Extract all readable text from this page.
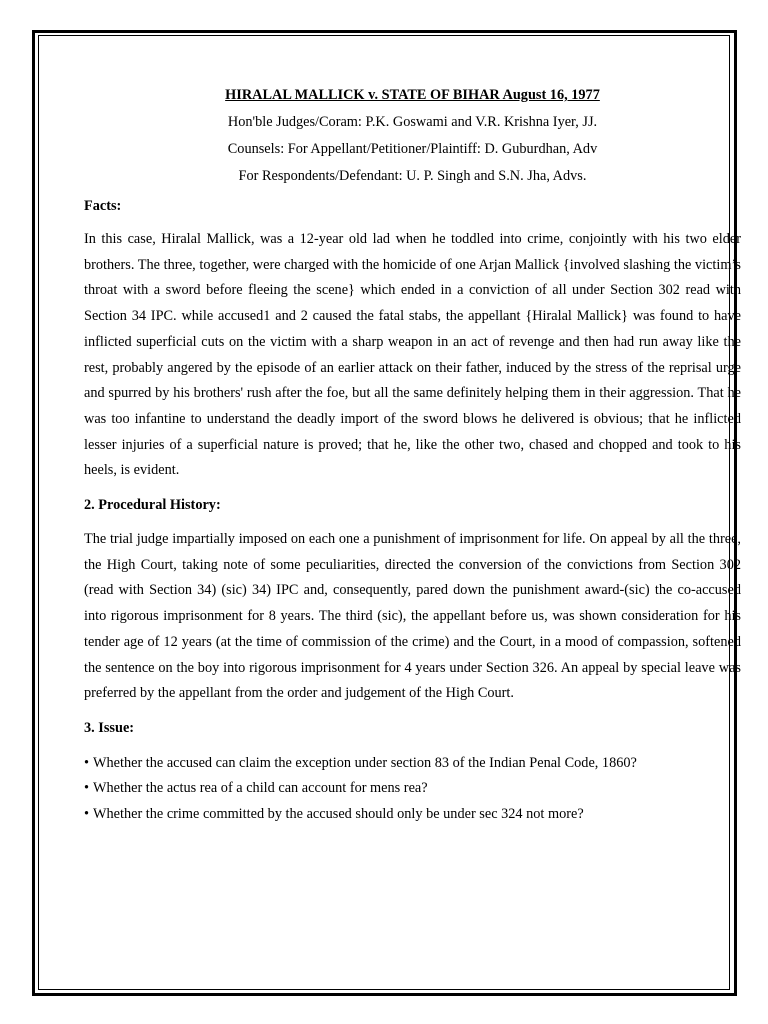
HIRALAL MALLICK v. STATE OF BIHAR August 16, 1977

Hon'ble Judges/Coram: P.K. Goswami and V.R. Krishna Iyer, JJ.

Counsels: For Appellant/Petitioner/Plaintiff: D. Guburdhan, Adv

For Respondents/Defendant: U. P. Singh and S.N. Jha, Advs.

Facts:

In this case, Hiralal Mallick, was a 12-year old lad when he toddled into crime, conjointly with his two elder brothers. The three, together, were charged with the homicide of one Arjan Mallick {involved slashing the victim’s throat with a sword before fleeing the scene} which ended in a conviction of all under Section 302 read with Section 34 IPC. while accused1 and 2 caused the fatal stabs, the appellant {Hiralal Mallick} was found to have inflicted superficial cuts on the victim with a sharp weapon in an act of revenge and then had run away like the rest, probably angered by the episode of an earlier attack on their father, induced by the stress of the reprisal urge and spurred by his brothers' rush after the foe, but all the same definitely helping them in their aggression. That he was too infantine to understand the deadly import of the sword blows he delivered is obvious; that he inflicted lesser injuries of a superficial nature is proved; that he, like the other two, chased and chopped and took to his heels, is evident.

2. Procedural History:

The trial judge impartially imposed on each one a punishment of imprisonment for life. On appeal by all the three, the High Court, taking note of some peculiarities, directed the conversion of the convictions from Section 302 (read with Section 34) (sic) 34) IPC and, consequently, pared down the punishment award-(sic) the co-accused into rigorous imprisonment for 8 years. The third (sic), the appellant before us, was shown consideration for his tender age of 12 years (at the time of commission of the crime) and the Court, in a mood of compassion, softened the sentence on the boy into rigorous imprisonment for 4 years under Section 326. An appeal by special leave was preferred by the appellant from the order and judgement of the High Court.

3. Issue:

• Whether the accused can claim the exception under section 83 of the Indian Penal Code, 1860?
• Whether the actus rea of a child can account for mens rea?
• Whether the crime committed by the accused should only be under sec 324 not more?
